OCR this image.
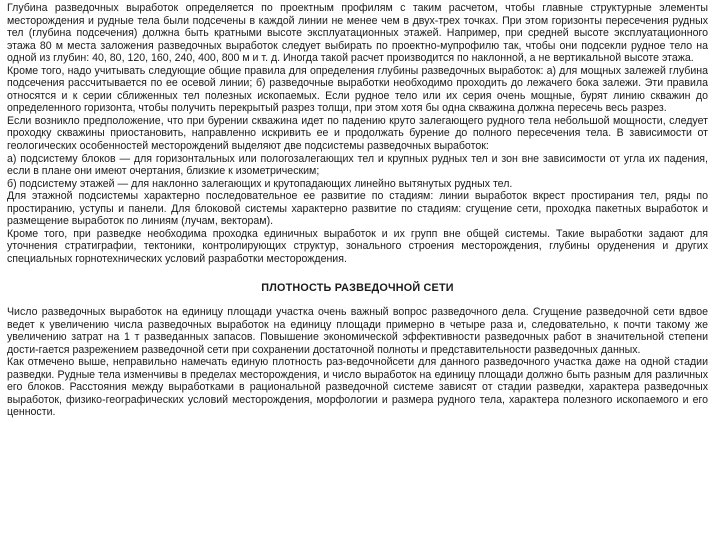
Глубина разведочных выработок определяется по проектным профилям с таким расчетом, чтобы главные структурные элементы месторождения и рудные тела были подсечены в каждой линии не менее чем в двух-трех точках. При этом горизонты пересечения рудных тел (глубина подсечения) должна быть кратными высоте эксплуатационных этажей. Например, при средней высоте эксплуатационного этажа 80 м места заложения разведочных выработок следует выбирать по проектно-мупрофилю так, чтобы они подсекли рудное тело на одной из глубин: 40, 80, 120, 160, 240, 400, 800 м и т. д. Иногда такой расчет производится по наклонной, а не вертикальной высоте этажа.

Кроме того, надо учитывать следующие общие правила для определения глубины разведочных выработок: а) для мощных залежей глубина подсечения рассчитывается по ее осевой линии; б) разведочные выработки необходимо проходить до лежачего бока залежи. Эти правила относятся и к серии сближенных тел полезных ископаемых. Если рудное тело или их серия очень мощные, бурят линию скважин до определенного горизонта, чтобы получить перекрытый разрез толщи, при этом хотя бы одна скважина должна пересечь весь разрез.

Если возникло предположение, что при бурении скважина идет по падению круто залегающего рудного тела небольшой мощности, следует проходку скважины приостановить, направленно искривить ее и продолжать бурение до полного пересечения тела. В зависимости от геологических особенностей месторождений выделяют две подсистемы разведочных выработок:

а) подсистему блоков — для горизонтальных или пологозалегающих тел и крупных рудных тел и зон вне зависимости от угла их падения, если в плане они имеют очертания, близкие к изометрическим;

б) подсистему этажей — для наклонно залегающих и крутопадающих линейно вытянутых рудных тел.

Для этажной подсистемы характерно последовательное ее развитие по стадиям: линии выработок вкрест простирания тел, ряды по простиранию, уступы и панели. Для блоковой системы характерно развитие по стадиям: сгущение сети, проходка пакетных выработок и размещение выработок по линиям (лучам, векторам).

Кроме того, при разведке необходима проходка единичных выработок и их групп вне общей системы. Такие выработки задают для уточнения стратиграфии, тектоники, контролирующих структур, зонального строения месторождения, глубины оруденения и других специальных горнотехнических условий разработки месторождения.

ПЛОТНОСТЬ РАЗВЕДОЧНОЙ СЕТИ

Число разведочных выработок на единицу площади участка очень важный вопрос разведочного дела. Сгущение разведочной сети вдвое ведет к увеличению числа разведочных выработок на единицу площади примерно в четыре раза и, следовательно, к почти такому же увеличению затрат на 1 т разведанных запасов. Повышение экономической эффективности разведочных работ в значительной степени дости-гается разрежением разведочной сети при сохранении достаточной полноты и представительности разведочных данных.

Как отмечено выше, неправильно намечать единую плотность раз-ведочнойсети для данного разведочного участка даже на одной стадии разведки. Рудные тела изменчивы в пределах месторождения, и число выработок на единицу площади должно быть разным для различных его блоков. Расстояния между выработками в рациональной разведочной системе зависят от стадии разведки, характера разведочных выработок, физико-географических условий месторождения, морфологии и размера рудного тела, характера полезного ископаемого и его ценности.
